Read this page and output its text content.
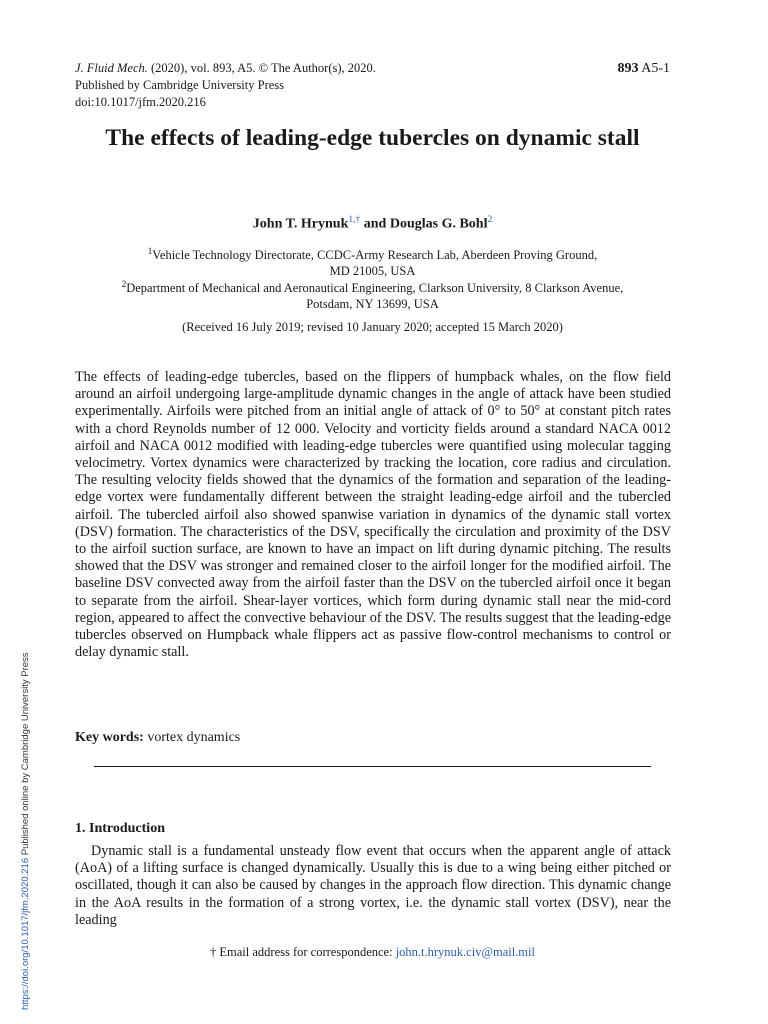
J. Fluid Mech. (2020), vol. 893, A5. © The Author(s), 2020.
Published by Cambridge University Press
doi:10.1017/jfm.2020.216
893 A5-1
The effects of leading-edge tubercles on dynamic stall
John T. Hrynuk$^{1,\dagger}$ and Douglas G. Bohl$^2$
$^1$Vehicle Technology Directorate, CCDC-Army Research Lab, Aberdeen Proving Ground,
MD 21005, USA
$^2$Department of Mechanical and Aeronautical Engineering, Clarkson University, 8 Clarkson Avenue,
Potsdam, NY 13699, USA
(Received 16 July 2019; revised 10 January 2020; accepted 15 March 2020)
The effects of leading-edge tubercles, based on the flippers of humpback whales, on the flow field around an airfoil undergoing large-amplitude dynamic changes in the angle of attack have been studied experimentally. Airfoils were pitched from an initial angle of attack of 0° to 50° at constant pitch rates with a chord Reynolds number of 12 000. Velocity and vorticity fields around a standard NACA 0012 airfoil and NACA 0012 modified with leading-edge tubercles were quantified using molecular tagging velocimetry. Vortex dynamics were characterized by tracking the location, core radius and circulation. The resulting velocity fields showed that the dynamics of the formation and separation of the leading-edge vortex were fundamentally different between the straight leading-edge airfoil and the tubercled airfoil. The tubercled airfoil also showed spanwise variation in dynamics of the dynamic stall vortex (DSV) formation. The characteristics of the DSV, specifically the circulation and proximity of the DSV to the airfoil suction surface, are known to have an impact on lift during dynamic pitching. The results showed that the DSV was stronger and remained closer to the airfoil longer for the modified airfoil. The baseline DSV convected away from the airfoil faster than the DSV on the tubercled airfoil once it began to separate from the airfoil. Shear-layer vortices, which form during dynamic stall near the mid-cord region, appeared to affect the convective behaviour of the DSV. The results suggest that the leading-edge tubercles observed on Humpback whale flippers act as passive flow-control mechanisms to control or delay dynamic stall.
Key words: vortex dynamics
1. Introduction
Dynamic stall is a fundamental unsteady flow event that occurs when the apparent angle of attack (AoA) of a lifting surface is changed dynamically. Usually this is due to a wing being either pitched or oscillated, though it can also be caused by changes in the approach flow direction. This dynamic change in the AoA results in the formation of a strong vortex, i.e. the dynamic stall vortex (DSV), near the leading
† Email address for correspondence: john.t.hrynuk.civ@mail.mil
https://doi.org/10.1017/jfm.2020.216 Published online by Cambridge University Press
